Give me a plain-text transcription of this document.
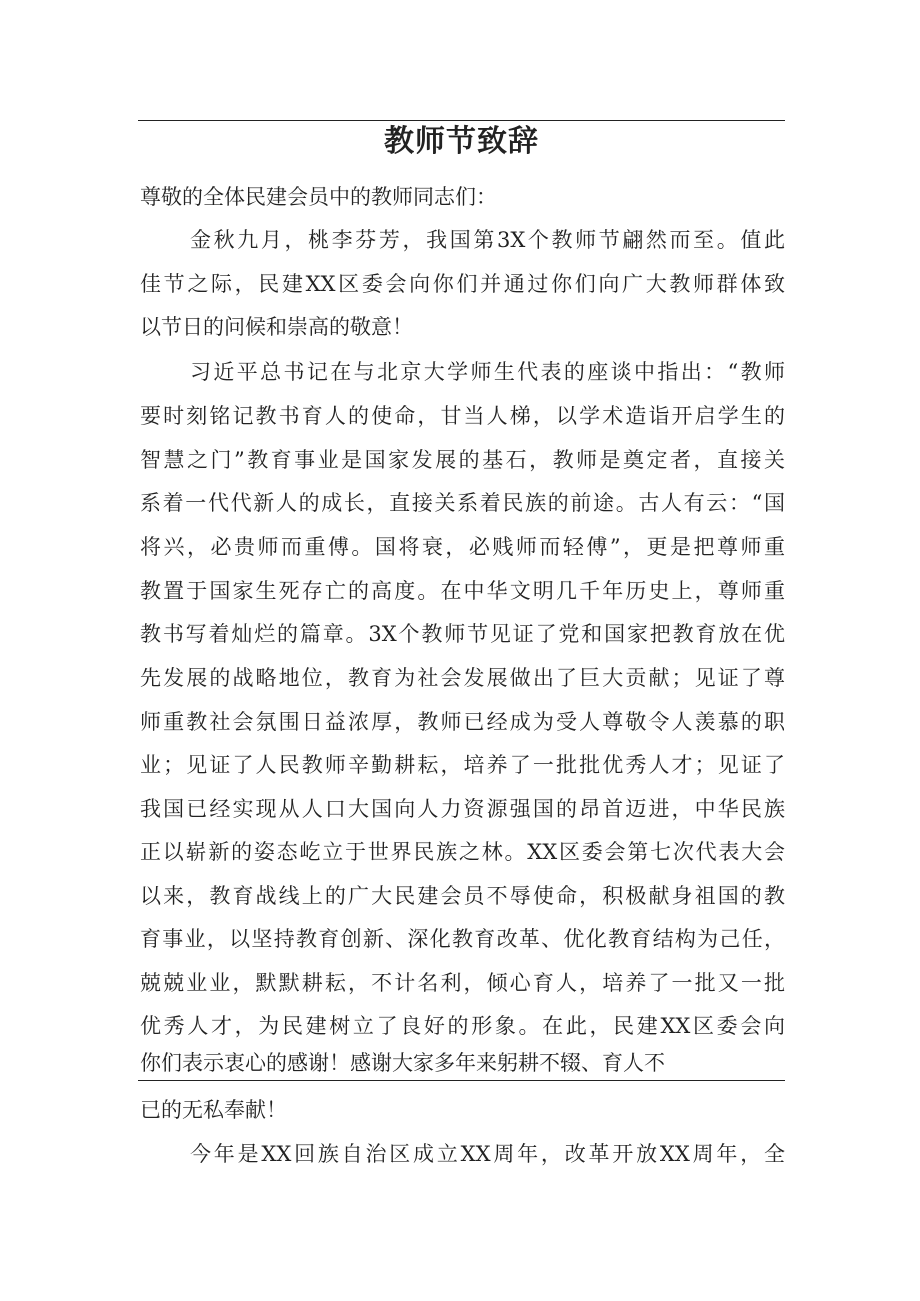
教师节致辞
尊敬的全体民建会员中的教师同志们：
金秋九月，桃李芬芳，我国第3X个教师节翩然而至。值此
佳节之际，民建XX区委会向你们并通过你们向广大教师群体致
以节日的问候和崇高的敬意！
习近平总书记在与北京大学师生代表的座谈中指出：“教师
要时刻铭记教书育人的使命，甘当人梯，以学术造诣开启学生的
智慧之门”教育事业是国家发展的基石，教师是奠定者，直接关
系着一代代新人的成长，直接关系着民族的前途。古人有云：“国
将兴，必贵师而重傅。国将衰，必贱师而轻傅”，更是把尊师重
教置于国家生死存亡的高度。在中华文明几千年历史上，尊师重
教书写着灿烂的篇章。3X个教师节见证了党和国家把教育放在优
先发展的战略地位，教育为社会发展做出了巨大贡献；见证了尊
师重教社会氛围日益浓厚，教师已经成为受人尊敬令人羡慕的职
业；见证了人民教师辛勤耕耘，培养了一批批优秀人才；见证了
我国已经实现从人口大国向人力资源强国的昂首迈进，中华民族
正以崭新的姿态屹立于世界民族之林。XX区委会第七次代表大会
以来，教育战线上的广大民建会员不辱使命，积极献身祖国的教
育事业，以坚持教育创新、深化教育改革、优化教育结构为己任，
兢兢业业，默默耕耘，不计名利，倾心育人，培养了一批又一批
优秀人才，为民建树立了良好的形象。在此，民建XX区委会向
你们表示衷心的感谢！感谢大家多年来躬耕不辍、育人不
已的无私奉献！
今年是XX回族自治区成立XX周年，改革开放XX周年，全
